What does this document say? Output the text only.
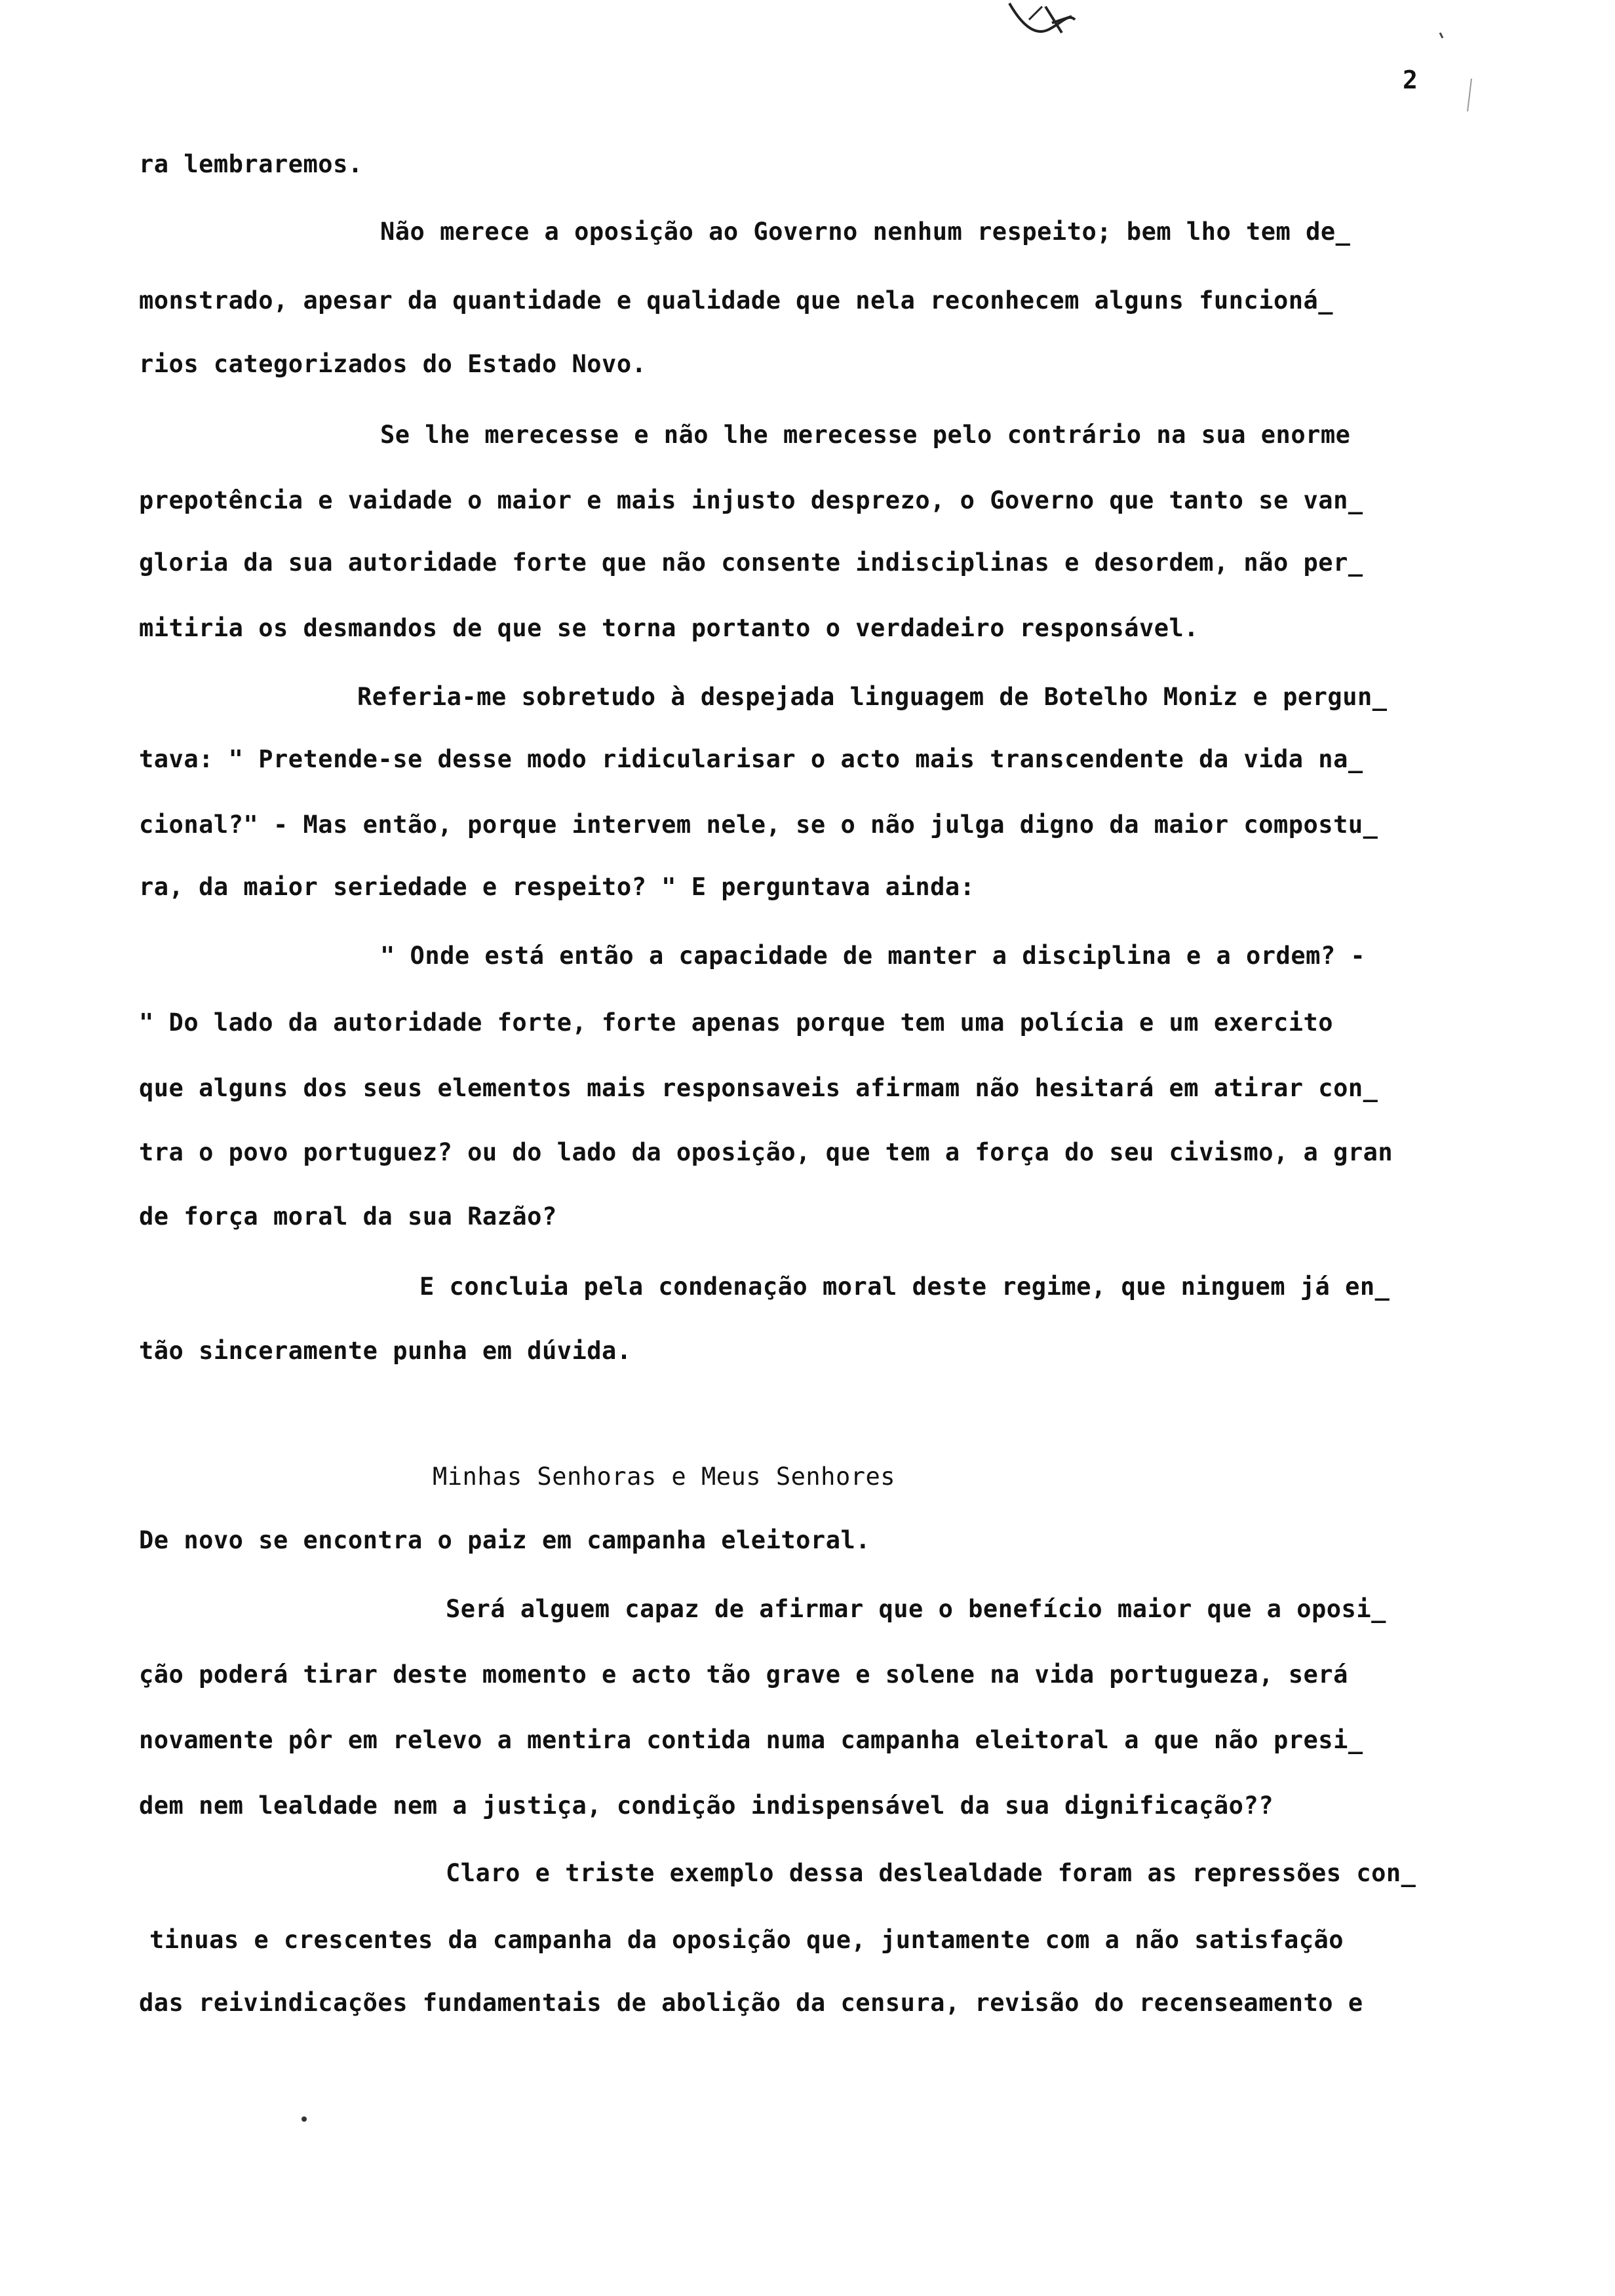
2
ra lembraremos.
Não merece a oposição ao Governo nenhum respeito; bem lho tem de_
monstrado, apesar da quantidade e qualidade que nela reconhecem alguns funcioná_
rios categorizados do Estado Novo.
Se lhe merecesse e não lhe merecesse pelo contrário na sua enorme
prepotência e vaidade o maior e mais injusto desprezo, o Governo que tanto se van_
gloria da sua autoridade forte que não consente indisciplinas e desordem, não per_
mitiria os desmandos de que se torna portanto o verdadeiro responsável.
Referia-me sobretudo à despejada linguagem de Botelho Moniz e pergun_
tava: " Pretende-se desse modo ridicularisar o acto mais transcendente da vida na_
cional?" - Mas então, porque intervem nele, se o não julga digno da maior compostu_
ra, da maior seriedade e respeito? " E perguntava ainda:
" Onde está então a capacidade de manter a disciplina e a ordem? -
" Do lado da autoridade forte, forte apenas porque tem uma polícia e um exercito
que alguns dos seus elementos mais responsaveis afirmam não hesitará em atirar con_
tra o povo portuguez? ou do lado da oposição, que tem a força do seu civismo, a gran
de força moral da sua Razão?
E concluia pela condenação moral deste regime, que ninguem já en_
tão sinceramente punha em dúvida.
Minhas Senhoras e Meus Senhores
De novo se encontra o paiz em campanha eleitoral.
Será alguem capaz de afirmar que o benefício maior que a oposi_
ção poderá tirar deste momento e acto tão grave e solene na vida portugueza, será
novamente pôr em relevo a mentira contida numa campanha eleitoral a que não presi_
dem nem lealdade nem a justiça, condição indispensável da sua dignificação??
Claro e triste exemplo dessa deslealdade foram as repressões con_
tinuas e crescentes da campanha da oposição que, juntamente com a não satisfação
das reivindicações fundamentais de abolição da censura, revisão do recenseamento e
